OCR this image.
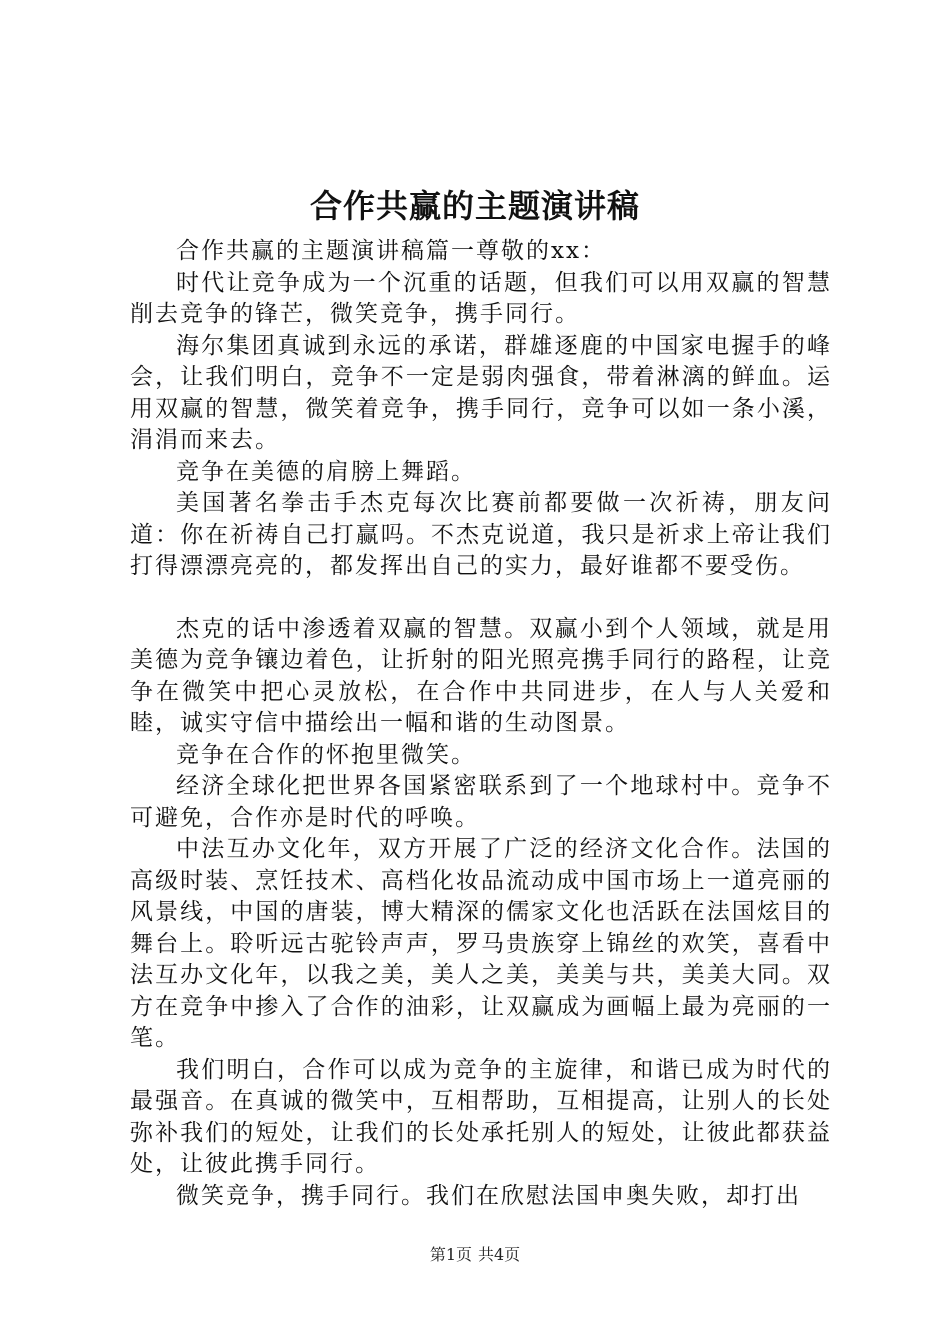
合作共赢的主题演讲稿

合作共赢的主题演讲稿篇一尊敬的xx：

时代让竞争成为一个沉重的话题，但我们可以用双赢的智慧削去竞争的锋芒，微笑竞争，携手同行。

海尔集团真诚到永远的承诺，群雄逐鹿的中国家电握手的峰会，让我们明白，竞争不一定是弱肉强食，带着淋漓的鲜血。运用双赢的智慧，微笑着竞争，携手同行，竞争可以如一条小溪，涓涓而来去。

竞争在美德的肩膀上舞蹈。

美国著名拳击手杰克每次比赛前都要做一次祈祷，朋友问道：你在祈祷自己打赢吗。不杰克说道，我只是祈求上帝让我们打得漂漂亮亮的，都发挥出自己的实力，最好谁都不要受伤。

杰克的话中渗透着双赢的智慧。双赢小到个人领域，就是用美德为竞争镶边着色，让折射的阳光照亮携手同行的路程，让竞争在微笑中把心灵放松，在合作中共同进步，在人与人关爱和睦，诚实守信中描绘出一幅和谐的生动图景。

竞争在合作的怀抱里微笑。

经济全球化把世界各国紧密联系到了一个地球村中。竞争不可避免，合作亦是时代的呼唤。

中法互办文化年，双方开展了广泛的经济文化合作。法国的高级时装、烹饪技术、高档化妆品流动成中国市场上一道亮丽的风景线，中国的唐装，博大精深的儒家文化也活跃在法国炫目的舞台上。聆听远古驼铃声声，罗马贵族穿上锦丝的欢笑，喜看中法互办文化年，以我之美，美人之美，美美与共，美美大同。双方在竞争中掺入了合作的油彩，让双赢成为画幅上最为亮丽的一笔。

我们明白，合作可以成为竞争的主旋律，和谐已成为时代的最强音。在真诚的微笑中，互相帮助，互相提高，让别人的长处弥补我们的短处，让我们的长处承托别人的短处，让彼此都获益处，让彼此携手同行。

微笑竞争，携手同行。我们在欣慰法国申奥失败，却打出

第1页 共4页
